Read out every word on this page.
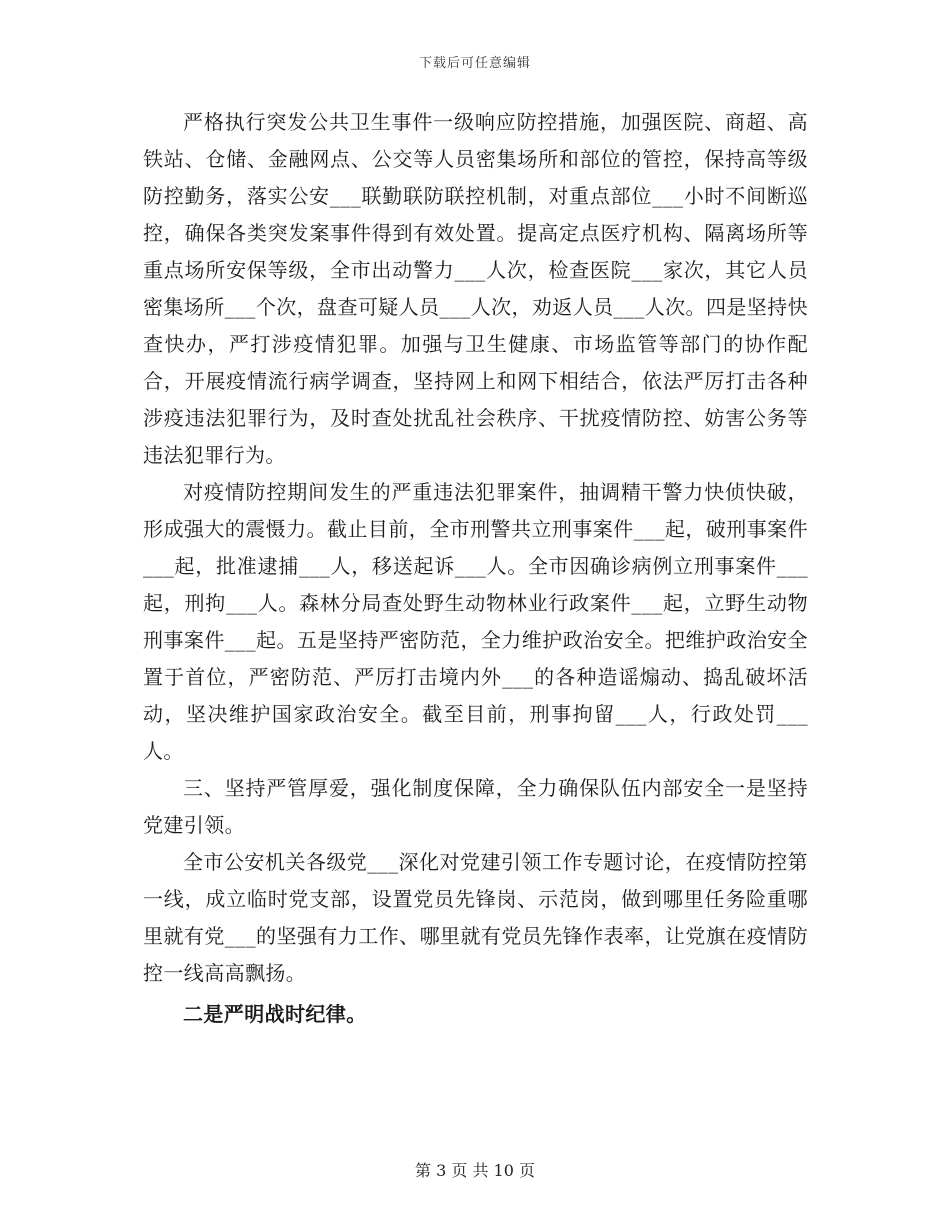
下载后可任意编辑

严格执行突发公共卫生事件一级响应防控措施，加强医院、商超、高铁站、仓储、金融网点、公交等人员密集场所和部位的管控，保持高等级防控勤务，落实公安___联勤联防联控机制，对重点部位___小时不间断巡控，确保各类突发案事件得到有效处置。提高定点医疗机构、隔离场所等重点场所安保等级，全市出动警力___人次，检查医院___家次，其它人员密集场所___个次，盘查可疑人员___人次，劝返人员___人次。四是坚持快查快办，严打涉疫情犯罪。加强与卫生健康、市场监管等部门的协作配合，开展疫情流行病学调查，坚持网上和网下相结合，依法严厉打击各种涉疫违法犯罪行为，及时查处扰乱社会秩序、干扰疫情防控、妨害公务等违法犯罪行为。

对疫情防控期间发生的严重违法犯罪案件，抽调精干警力快侦快破，形成强大的震慑力。截止目前，全市刑警共立刑事案件___起，破刑事案件___起，批准逮捕___人，移送起诉___人。全市因确诊病例立刑事案件___起，刑拘___人。森林分局查处野生动物林业行政案件___起，立野生动物刑事案件___起。五是坚持严密防范，全力维护政治安全。把维护政治安全置于首位，严密防范、严厉打击境内外___的各种造谣煽动、捣乱破坏活动，坚决维护国家政治安全。截至目前，刑事拘留___人，行政处罚___人。

三、坚持严管厚爱，强化制度保障，全力确保队伍内部安全一是坚持党建引领。

全市公安机关各级党___深化对党建引领工作专题讨论，在疫情防控第一线，成立临时党支部，设置党员先锋岗、示范岗，做到哪里任务险重哪里就有党___的坚强有力工作、哪里就有党员先锋作表率，让党旗在疫情防控一线高高飘扬。

二是严明战时纪律。

第 3 页 共 10 页
